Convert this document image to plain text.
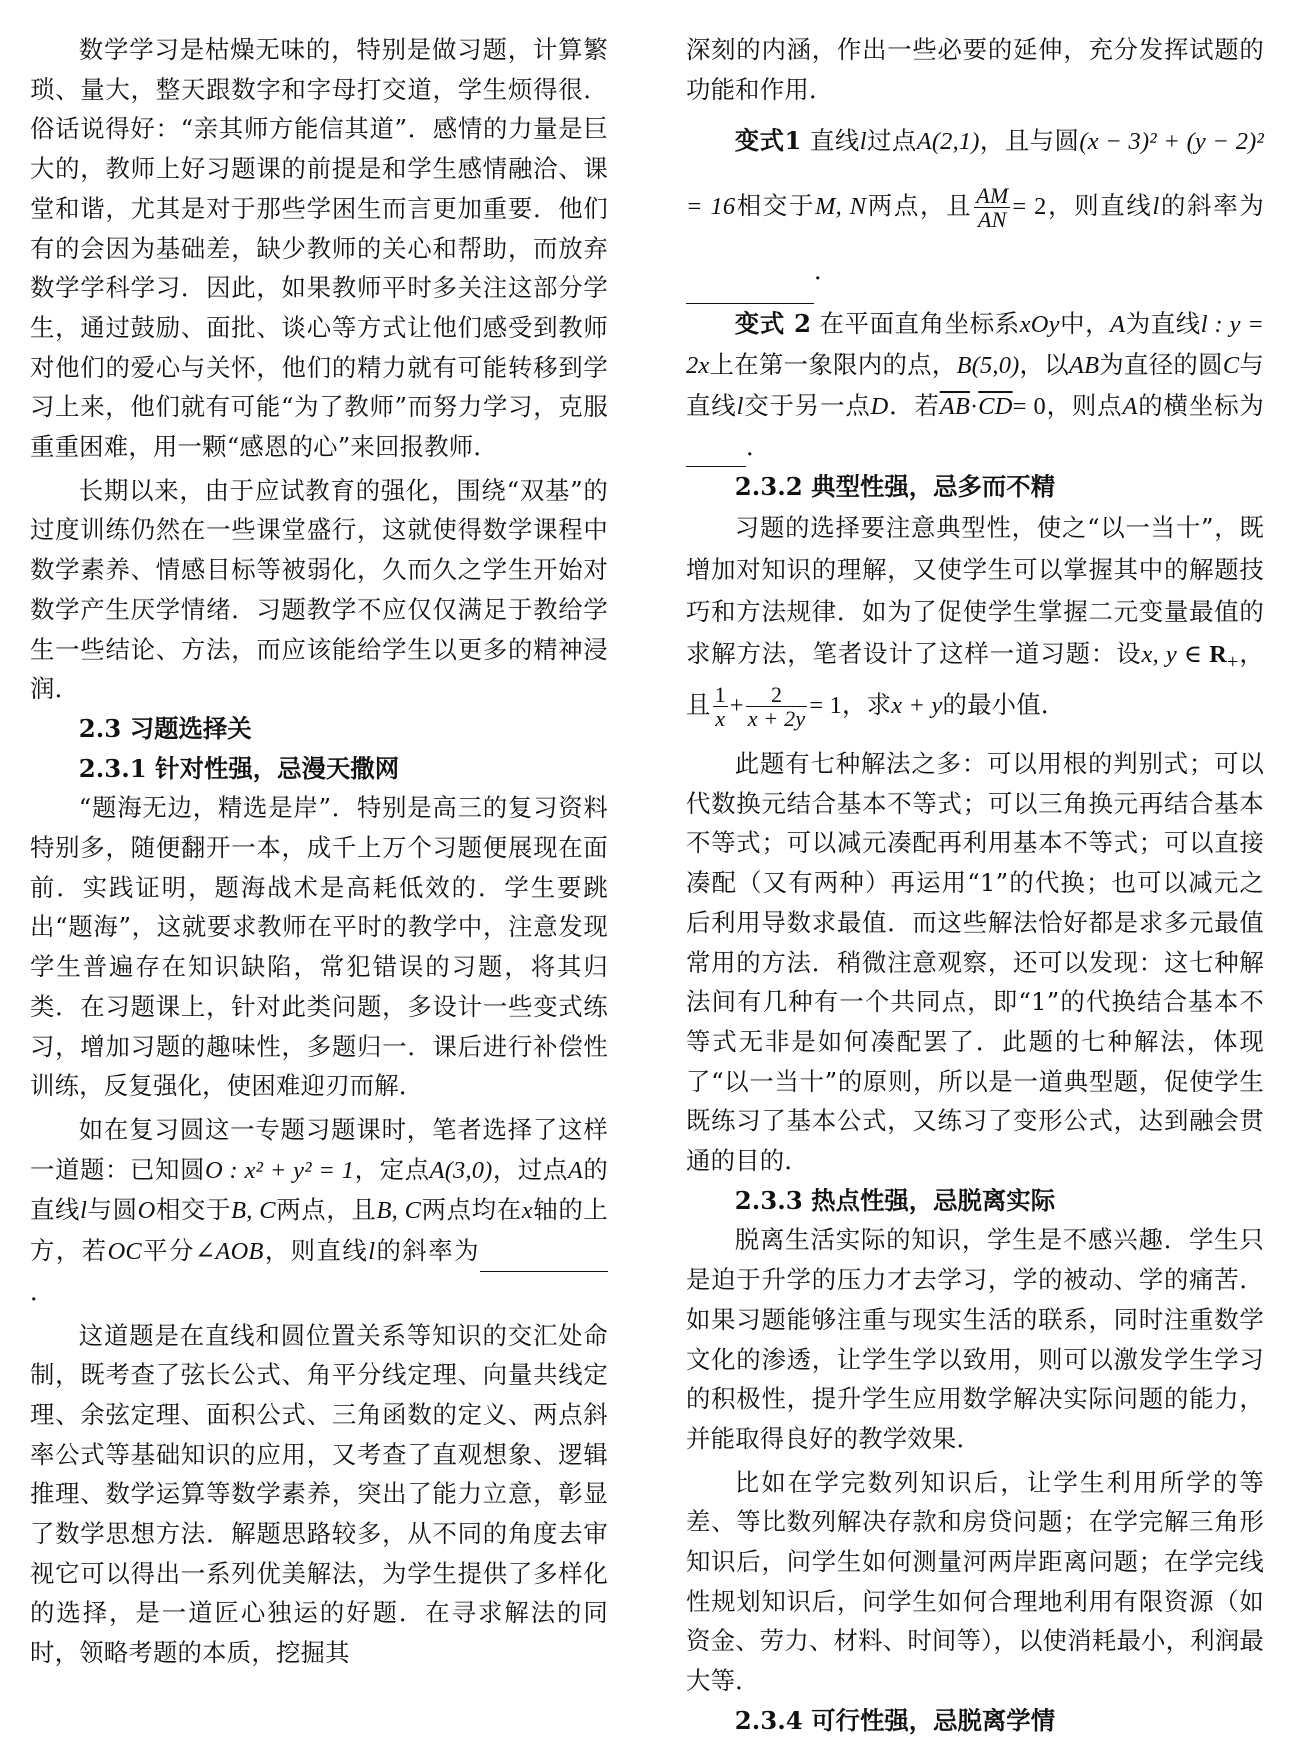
数学学习是枯燥无味的，特别是做习题，计算繁琐、量大，整天跟数字和字母打交道，学生烦得很．俗话说得好：“亲其师方能信其道”．感情的力量是巨大的，教师上好习题课的前提是和学生感情融洽、课堂和谐，尤其是对于那些学困生而言更加重要．他们有的会因为基础差，缺少教师的关心和帮助，而放弃数学学科学习．因此，如果教师平时多关注这部分学生，通过鼓励、面批、谈心等方式让他们感受到教师对他们的爱心与关怀，他们的精力就有可能转移到学习上来，他们就有可能“为了教师”而努力学习，克服重重困难，用一颗“感恩的心”来回报教师．

长期以来，由于应试教育的强化，围绕“双基”的过度训练仍然在一些课堂盛行，这就使得数学课程中数学素养、情感目标等被弱化，久而久之学生开始对数学产生厌学情绪．习题教学不应仅仅满足于教给学生一些结论、方法，而应该能给学生以更多的精神浸润．

2.3 习题选择关
2.3.1 针对性强，忌漫天撒网

“题海无边，精选是岸”．特别是高三的复习资料特别多，随便翻开一本，成千上万个习题便展现在面前．实践证明，题海战术是高耗低效的．学生要跳出“题海”，这就要求教师在平时的教学中，注意发现学生普遍存在知识缺陷，常犯错误的习题，将其归类．在习题课上，针对此类问题，多设计一些变式练习，增加习题的趣味性，多题归一．课后进行补偿性训练，反复强化，使困难迎刃而解．

如在复习圆这一专题习题课时，笔者选择了这样一道题：已知圆O : x² + y² = 1，定点A(3,0)，过点A的直线l与圆O相交于B, C两点，且B, C两点均在x轴的上方，若OC平分∠AOB，则直线l的斜率为 ．

这道题是在直线和圆位置关系等知识的交汇处命制，既考查了弦长公式、角平分线定理、向量共线定理、余弦定理、面积公式、三角函数的定义、两点斜率公式等基础知识的应用，又考查了直观想象、逻辑推理、数学运算等数学素养，突出了能力立意，彰显了数学思想方法．解题思路较多，从不同的角度去审视它可以得出一系列优美解法，为学生提供了多样化的选择，是一道匠心独运的好题．在寻求解法的同时，领略考题的本质，挖掘其

深刻的内涵，作出一些必要的延伸，充分发挥试题的功能和作用．

变式1 直线l过点A(2,1)，且与圆(x − 3)² + (y − 2)² = 16相交于M, N两点，且 $\frac{AM}{AN} = 2$，则直线l的斜率为 ．

变式 2 在平面直角坐标系xOy中，A为直线l : y = 2x上在第一象限内的点，B(5,0)，以AB为直径的圆C与直线l交于另一点D．若$\overline{AB}\cdot\overline{CD}= 0$，则点A的横坐标为 ．

2.3.2 典型性强，忌多而不精

习题的选择要注意典型性，使之“以一当十”，既增加对知识的理解，又使学生可以掌握其中的解题技巧和方法规律．如为了促使学生掌握二元变量最值的求解方法，笔者设计了这样一道习题：设x, y ∈ $R_+$，且 $\frac{1}{x} + \frac{2}{x + 2y} = 1$，求x + y的最小值．

此题有七种解法之多：可以用根的判别式；可以代数换元结合基本不等式；可以三角换元再结合基本不等式；可以减元凑配再利用基本不等式；可以直接凑配（又有两种）再运用“1”的代换；也可以减元之后利用导数求最值．而这些解法恰好都是求多元最值常用的方法．稍微注意观察，还可以发现：这七种解法间有几种有一个共同点，即“1”的代换结合基本不等式无非是如何凑配罢了．此题的七种解法，体现了“以一当十”的原则，所以是一道典型题，促使学生既练习了基本公式，又练习了变形公式，达到融会贯通的目的．

2.3.3 热点性强，忌脱离实际

脱离生活实际的知识，学生是不感兴趣．学生只是迫于升学的压力才去学习，学的被动、学的痛苦．如果习题能够注重与现实生活的联系，同时注重数学文化的渗透，让学生学以致用，则可以激发学生学习的积极性，提升学生应用数学解决实际问题的能力，并能取得良好的教学效果．

比如在学完数列知识后，让学生利用所学的等差、等比数列解决存款和房贷问题；在学完解三角形知识后，问学生如何测量河两岸距离问题；在学完线性规划知识后，问学生如何合理地利用有限资源（如资金、劳力、材料、时间等），以使消耗最小，利润最大等．

2.3.4 可行性强，忌脱离学情
